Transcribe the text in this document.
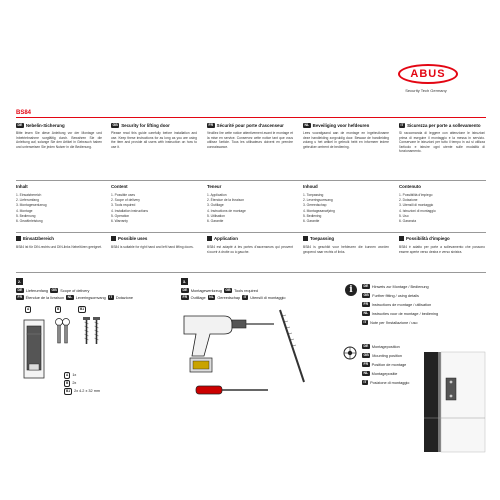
ABUS
Security Tech Germany
BS84
DE Nebelin-Sicherung
Bitte lesen Sie diese Anleitung vor der Montage und Inbetriebnahme sorgfältig durch. Bewahren Sie die Anleitung auf, solange Sie den Artikel in Gebrauch haben und unterweisen Sie jeden Nutzer in die Bedienung.
Inhalt
1. Einsatzbereich
2. Lieferumfang
3. Montagewerkzeug
4. Montage
5. Bedienung
6. Gewährleistung
Einsatzbereich
BS84 ist für DIN-rechts und DIN-links Nebeltüren geeignet.
GB Security for lifting door
Please read this guide carefully before installation and use. Keep these instructions for as long as you are using the item and provide all users with instruction on how to use it.
Content
1. Possible uses
2. Scope of delivery
3. Tools required
4. Installation instructions
5. Operation
6. Warranty
Possible uses
BS84 is suitable for right hand and left hand lifting doors.
FR Sécurité pour porte d'ascenseur
Veuillez lire cette notice attentivement avant le montage et la mise en service. Conservez cette notice tant que vous utilisez l'article. Tous les utilisateurs doivent en prendre connaissance.
Teneur
1. Application
2. Étendue de la livraison
3. Outillage
4. Instructions de montage
5. Utilisation
6. Garantie
Application
BS84 est adapté à les portes d'ascenseurs qui peuvent s'ouvrir à droite ou à gauche.
NL Beveiliging voor hefdeuren
Lees voorafgaand aan de montage en ingebruikname deze handleiding zorgvuldig door. Bewaar de handleiding zolang u het artikel in gebruik hebt en informeer iedere gebruiker omtrent de bediening.
Inhoud
1. Toepassing
2. Leveringsomvang
3. Gereedschap
4. Montageaanwijzing
5. Bediening
6. Garantie
Toepassing
BS84 is geschikt voor hefdeuren die kunnen worden geopend naar rechts of links.
IT Sicurezza per porte a sollevamento
Si raccomanda di leggere con attenzione le istruzioni prima di eseguire il montaggio e la messa in servizio. Conservare le istruzioni per tutto il tempo in cui si utilizza l'articolo e istruire ogni utente sulle modalità di funzionamento.
Contenuto
1. Possibilità d'impiego
2. Dotazione
3. Utensili di montaggio
4. Istruzioni di montaggio
5. Uso
6. Garanzia
Possibilità d'impiego
BS84 è adatto per porte a sollevamento che possono essere aperte verso destra e verso sinistra.
2.
DE Lieferumfang	GB Scope of delivery
FR Étendue de la livraison	NL Leveringsomvang	IT Dotazione
A	B	B1
A	1x
B	2x
B1	2x 4.2 x 32 mm
3.
DE Montagewerkzeug	GB Tools required
FR Outillage	NL Gereedschap	IT Utensili di montaggio
i	DE Hinweis zur Montage / Bedienung
GB Further fitting / using details
FR Instructions de montage / utilisation
NL Instructies voor de montage / bediening
IT Note per l'installazione / uso
DE Montageposition
GB Mounting position
FR Position de montage
NL Montagepositie
IT Posizione di montaggio
